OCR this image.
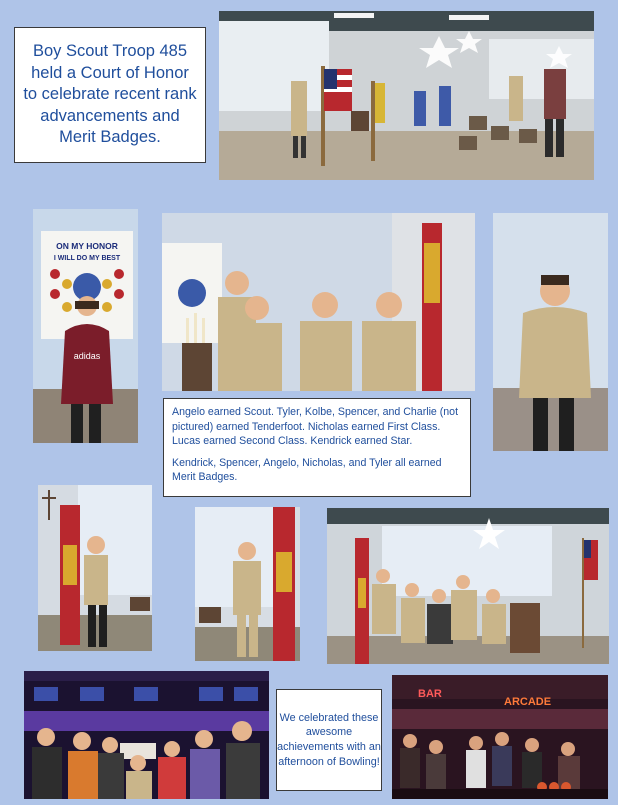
Boy Scout Troop 485 held a Court of Honor to celebrate recent rank advancements and Merit Badges.
ON MY HONOR
I WILL DO MY BEST
adidas

Angelo earned Scout. Tyler, Kolbe, Spencer, and Charlie (not pictured) earned Tenderfoot. Nicholas earned First Class. Lucas earned Second Class. Kendrick earned Star.

Kendrick, Spencer, Angelo, Nicholas, and Tyler all earned Merit Badges.

We celebrated these awesome achievements with an afternoon of Bowling!
BAR
ARCADE
